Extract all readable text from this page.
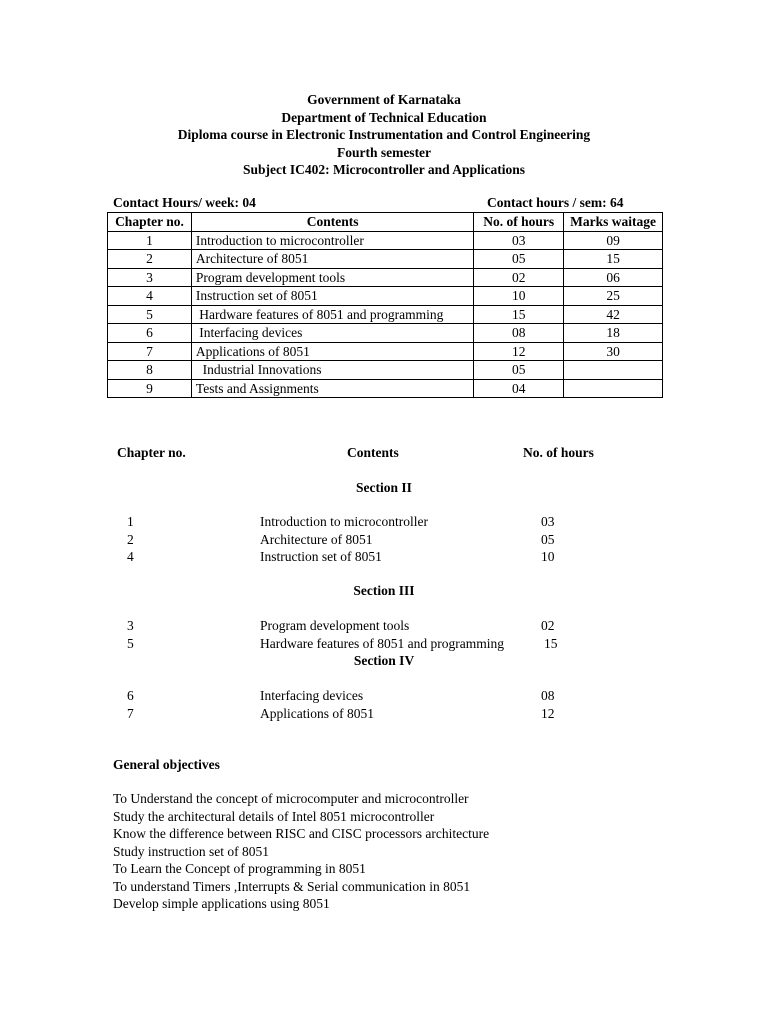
Government of Karnataka
Department of Technical Education
Diploma course in Electronic Instrumentation and Control Engineering
Fourth semester
Subject IC402: Microcontroller and Applications
Contact Hours/ week: 04	Contact hours / sem: 64
Chapter no.	Contents	No. of hours	Marks waitage
1	Introduction to microcontroller	03	09
2	Architecture of 8051	05	15
3	Program development tools	02	06
4	Instruction set of 8051	10	25
5	Hardware features of 8051 and programming	15	42
6	Interfacing devices	08	18
7	Applications of 8051	12	30
8	Industrial Innovations	05	
9	Tests and Assignments	04	
Chapter no.	Contents	No. of hours
Section II
1	Introduction to microcontroller	03
2	Architecture of 8051	05
4	Instruction set of 8051	10
Section III
3	Program development tools	02
5	Hardware features of 8051 and programming	15
Section IV
6	Interfacing devices	08
7	Applications of 8051	12
General objectives
To Understand the concept of microcomputer and microcontroller
Study the architectural details of Intel 8051 microcontroller
Know the difference between RISC and CISC processors architecture
Study instruction set of 8051
To Learn the Concept of programming in 8051
To understand Timers ,Interrupts & Serial communication in 8051
Develop simple applications using 8051
